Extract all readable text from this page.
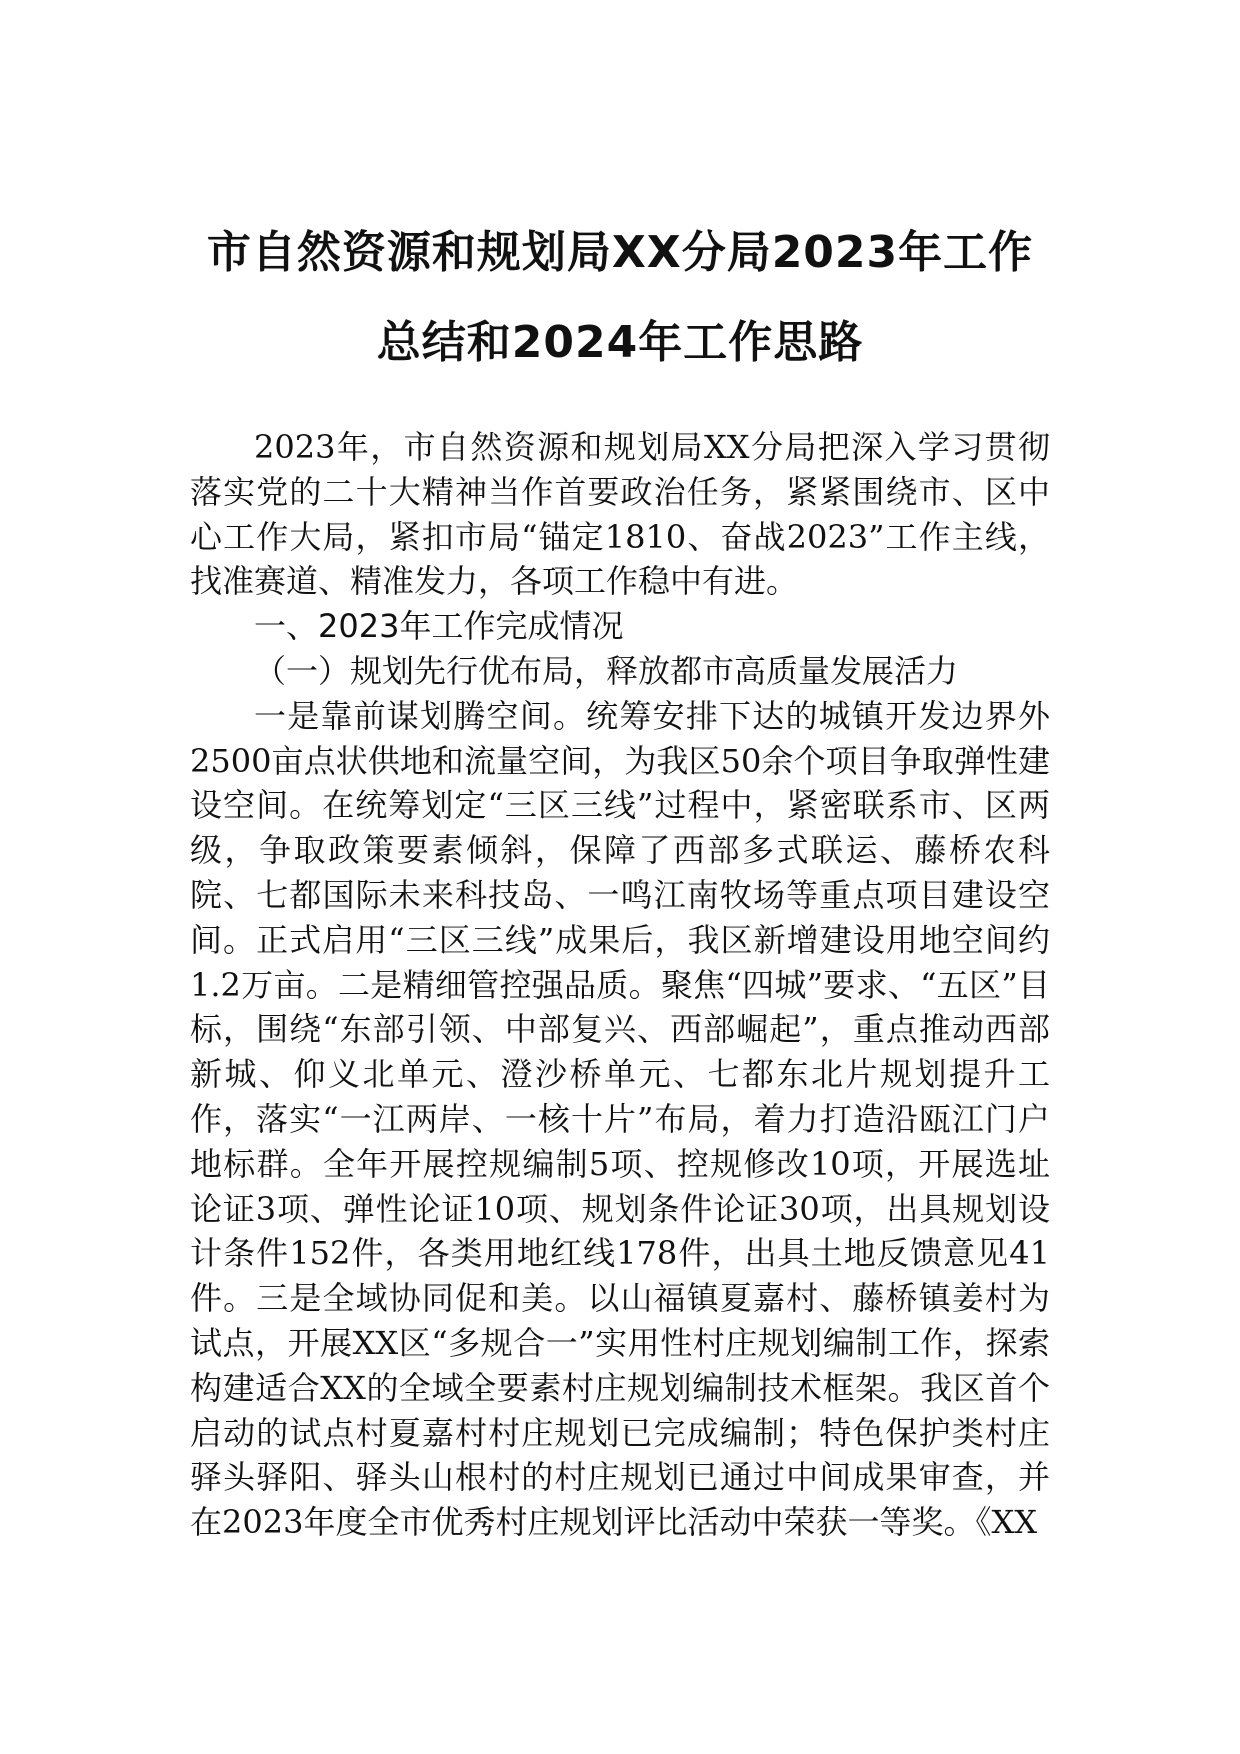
市自然资源和规划局XX分局2023年工作
总结和2024年工作思路

2023年，市自然资源和规划局XX分局把深入学习贯彻落实党的二十大精神当作首要政治任务，紧紧围绕市、区中心工作大局，紧扣市局“锚定1810、奋战2023”工作主线，找准赛道、精准发力，各项工作稳中有进。

一、2023年工作完成情况

（一）规划先行优布局，释放都市高质量发展活力

一是靠前谋划腾空间。统筹安排下达的城镇开发边界外2500亩点状供地和流量空间，为我区50余个项目争取弹性建设空间。在统筹划定“三区三线”过程中，紧密联系市、区两级，争取政策要素倾斜，保障了西部多式联运、藤桥农科院、七都国际未来科技岛、一鸣江南牧场等重点项目建设空间。正式启用“三区三线”成果后，我区新增建设用地空间约1.2万亩。二是精细管控强品质。聚焦“四城”要求、“五区”目标，围绕“东部引领、中部复兴、西部崛起”，重点推动西部新城、仰义北单元、澄沙桥单元、七都东北片规划提升工作，落实“一江两岸、一核十片”布局，着力打造沿瓯江门户地标群。全年开展控规编制5项、控规修改10项，开展选址论证3项、弹性论证10项、规划条件论证30项，出具规划设计条件152件，各类用地红线178件，出具土地反馈意见41件。三是全域协同促和美。以山福镇夏嘉村、藤桥镇姜村为试点，开展XX区“多规合一”实用性村庄规划编制工作，探索构建适合XX的全域全要素村庄规划编制技术框架。我区首个启动的试点村夏嘉村村庄规划已完成编制；特色保护类村庄驿头驿阳、驿头山根村的村庄规划已通过中间成果审查，并在2023年度全市优秀村庄规划评比活动中荣获一等奖。《XX
